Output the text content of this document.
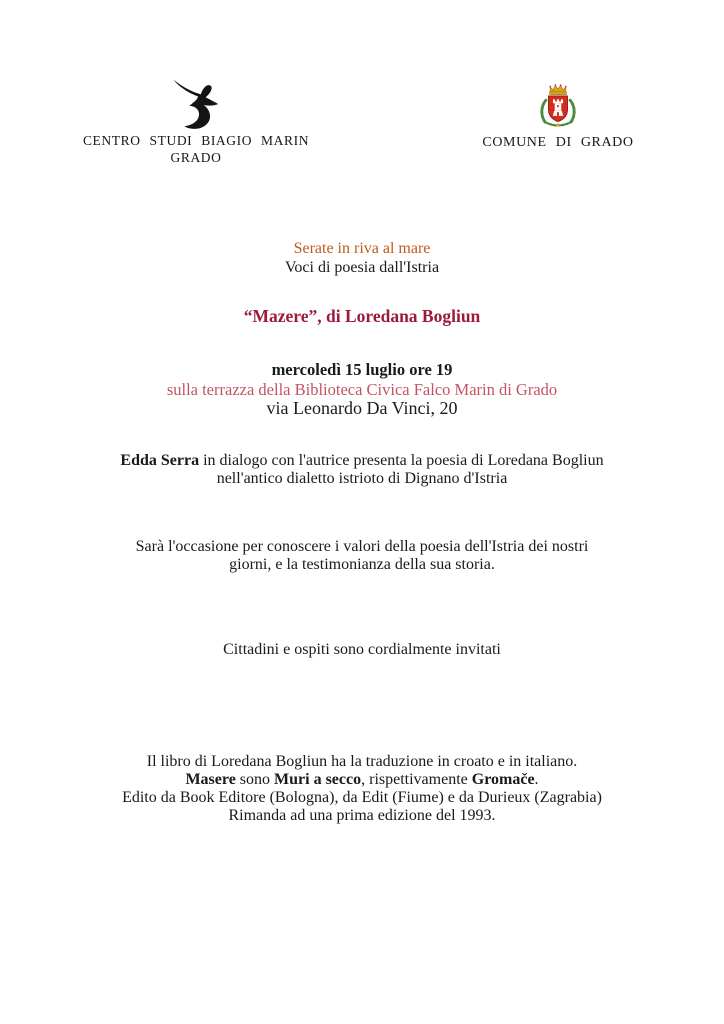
CENTRO STUDI BIAGIO MARIN
GRADO
COMUNE DI GRADO
Serate in riva al mare
Voci di poesia dall'Istria
“Mazere”, di Loredana Bogliun
mercoledì 15 luglio ore 19
sulla terrazza della Biblioteca Civica Falco Marin di Grado
via Leonardo Da Vinci, 20
Edda Serra in dialogo con l'autrice presenta la poesia di Loredana Bogliun
nell'antico dialetto istrioto di Dignano d'Istria
Sarà l'occasione per conoscere i valori della poesia dell'Istria dei nostri
giorni, e la testimonianza della sua storia.
Cittadini e ospiti sono cordialmente invitati
Il libro di Loredana Bogliun ha la traduzione in croato e in italiano.
Masere sono Muri a secco, rispettivamente Gromače.
Edito da Book Editore (Bologna), da Edit (Fiume) e da Durieux (Zagrabia)
Rimanda ad una prima edizione del 1993.
